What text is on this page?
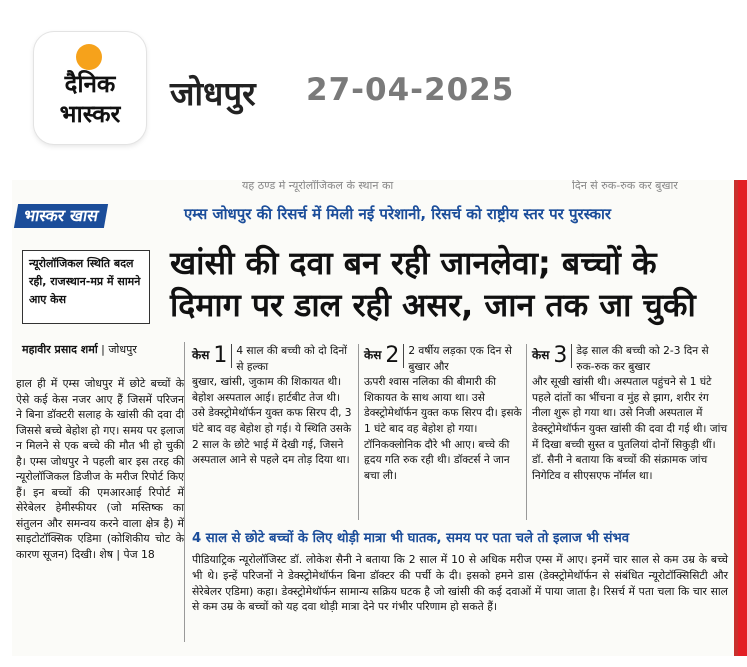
दैनिक
भास्कर
जोधपुर 27-04-2025
यह ठण्ड मे न्यूरोलॉजिकल के स्थान का	दिन से रुक-रुक कर बुखार
भास्कर खास	एम्स जोधपुर की रिसर्च में मिली नई परेशानी, रिसर्च को राष्ट्रीय स्तर पर पुरस्कार
न्यूरोलॉजिकल स्थिति बदल रही, राजस्थान-मप्र में सामने आए केस
खांसी की दवा बन रही जानलेवा; बच्चों के दिमाग पर डाल रही असर, जान तक जा चुकी
महावीर प्रसाद शर्मा | जोधपुर
हाल ही में एम्स जोधपुर में छोटे बच्चों के ऐसे कई केस नजर आए हैं जिसमें परिजन ने बिना डॉक्टरी सलाह के खांसी की दवा दी जिससे बच्चे बेहोश हो गए। समय पर इलाज न मिलने से एक बच्चे की मौत भी हो चुकी है। एम्स जोधपुर ने पहली बार इस तरह की न्यूरोलॉजिकल डिजीज के मरीज रिपोर्ट किए हैं। इन बच्चों की एमआरआई रिपोर्ट में सेरेबेलर हेमीस्फीयर (जो मस्तिष्क का संतुलन और समन्वय करने वाला क्षेत्र है) में साइटोटॉक्सिक एडिमा (कोशिकीय चोट के कारण सूजन) दिखी। शेष | पेज 18
केस 1 4 साल की बच्ची को दो दिनों से हल्का
बुखार, खांसी, जुकाम की शिकायत थी। बेहोश अस्पताल आई। हार्टबीट तेज थी। उसे डेक्स्ट्रोमेथॉर्फन युक्त कफ सिरप दी, 3 घंटे बाद वह बेहोश हो गई। ये स्थिति उसके 2 साल के छोटे भाई में देखी गई, जिसने अस्पताल आने से पहले दम तोड़ दिया था।
केस 2 2 वर्षीय लड़का एक दिन से बुखार और
ऊपरी श्वास नलिका की बीमारी की शिकायत के साथ आया था। उसे डेक्स्ट्रोमेथॉर्फन युक्त कफ सिरप दी। इसके 1 घंटे बाद वह बेहोश हो गया। टॉनिकक्लोनिक दौरे भी आए। बच्चे की हृदय गति रुक रही थी। डॉक्टर्स ने जान बचा ली।
केस 3 डेढ़ साल की बच्ची को 2-3 दिन से रुक-रुक कर बुखार
और सूखी खांसी थी। अस्पताल पहुंचने से 1 घंटे पहले दांतों का भींचना व मुंह से झाग, शरीर रंग नीला शुरू हो गया था। उसे निजी अस्पताल में डेक्स्ट्रोमेथॉर्फन युक्त खांसी की दवा दी गई थी। जांच में दिखा बच्ची सुस्त व पुतलियां दोनों सिकुड़ी थीं। डॉ. सैनी ने बताया कि बच्चों की संक्रामक जांच निगेटिव व सीएसएफ नॉर्मल था।
4 साल से छोटे बच्चों के लिए थोड़ी मात्रा भी घातक, समय पर पता चले तो इलाज भी संभव
पीडियाट्रिक न्यूरोलॉजिस्ट डॉ. लोकेश सैनी ने बताया कि 2 साल में 10 से अधिक मरीज एम्स में आए। इनमें चार साल से कम उम्र के बच्चे भी थे। इन्हें परिजनों ने डेक्स्ट्रोमेथॉर्फन बिना डॉक्टर की पर्ची के दी। इसको हमने डास (डेक्स्ट्रोमेथॉर्फन से संबंधित न्यूरोटॉक्सिसिटी और सेरेबेलर एडिमा) कहा। डेक्स्ट्रोमेथॉर्फन सामान्य सक्रिय घटक है जो खांसी की कई दवाओं में पाया जाता है। रिसर्च में पता चला कि चार साल से कम उम्र के बच्चों को यह दवा थोड़ी मात्रा देने पर गंभीर परिणाम हो सकते हैं।
